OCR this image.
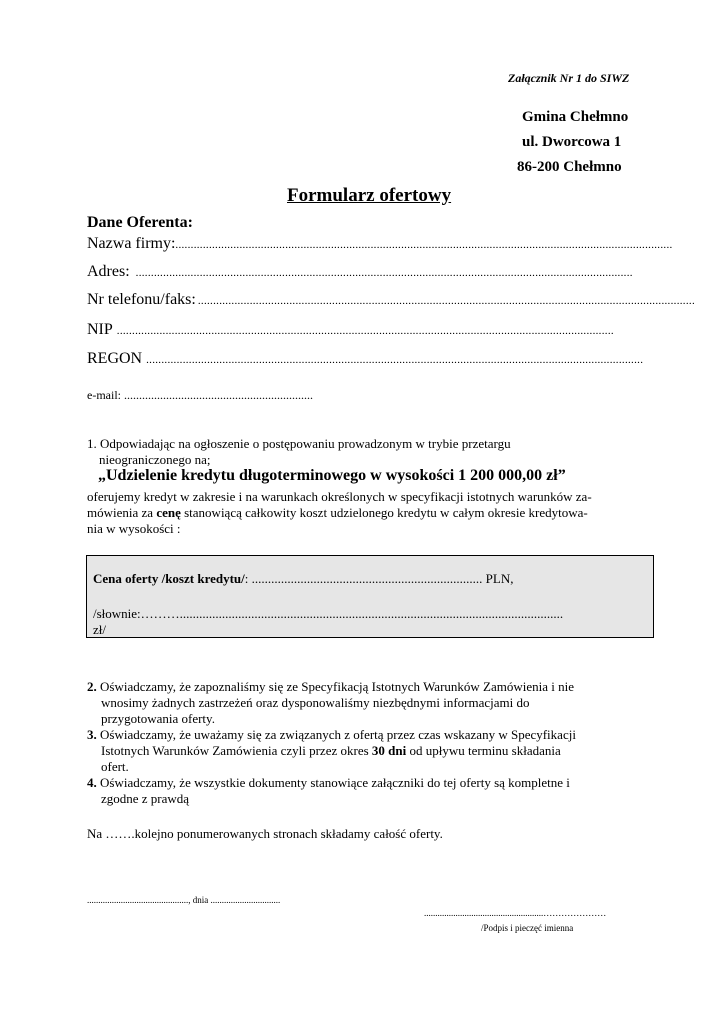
Załącznik Nr 1 do SIWZ
Gmina Chełmno
ul. Dworcowa 1
86-200 Chełmno
Formularz ofertowy
Dane Oferenta:
Nazwa firmy: ...................................................................................................................................................................
Adres: ...................................................................................................................................................................
Nr telefonu/faks: ...................................................................................................................................................................
NIP ...................................................................................................................................................................
REGON ...................................................................................................................................................................
e-mail: ...............................................................
1. Odpowiadając na ogłoszenie o postępowaniu prowadzonym w trybie przetargu
nieograniczonego na;
„Udzielenie kredytu długoterminowego w wysokości 1 200 000,00 zł”
oferujemy kredyt w zakresie i na warunkach określonych w specyfikacji istotnych warunków za-
mówienia za cenę stanowiącą całkowity koszt udzielonego kredytu w całym okresie kredytowa-
nia w wysokości :
Cena oferty /koszt kredytu/: ....................................................................... PLN,
/słownie:………......................................................................................................................
zł/
2. Oświadczamy, że zapoznaliśmy się ze Specyfikacją Istotnych Warunków Zamówienia i nie
wnosimy żadnych zastrzeżeń oraz dysponowaliśmy niezbędnymi informacjami do
przygotowania oferty.
3. Oświadczamy, że uważamy się za związanych z ofertą przez czas wskazany w Specyfikacji
Istotnych Warunków Zamówienia czyli przez okres 30 dni od upływu terminu składania
ofert.
4. Oświadczamy, że wszystkie dokumenty stanowiące załączniki do tej oferty są kompletne i
zgodne z prawdą
Na …….kolejno ponumerowanych stronach składamy całość oferty.
............................................., dnia ...............................
.....................................................…………………
/Podpis i pieczęć imienna
